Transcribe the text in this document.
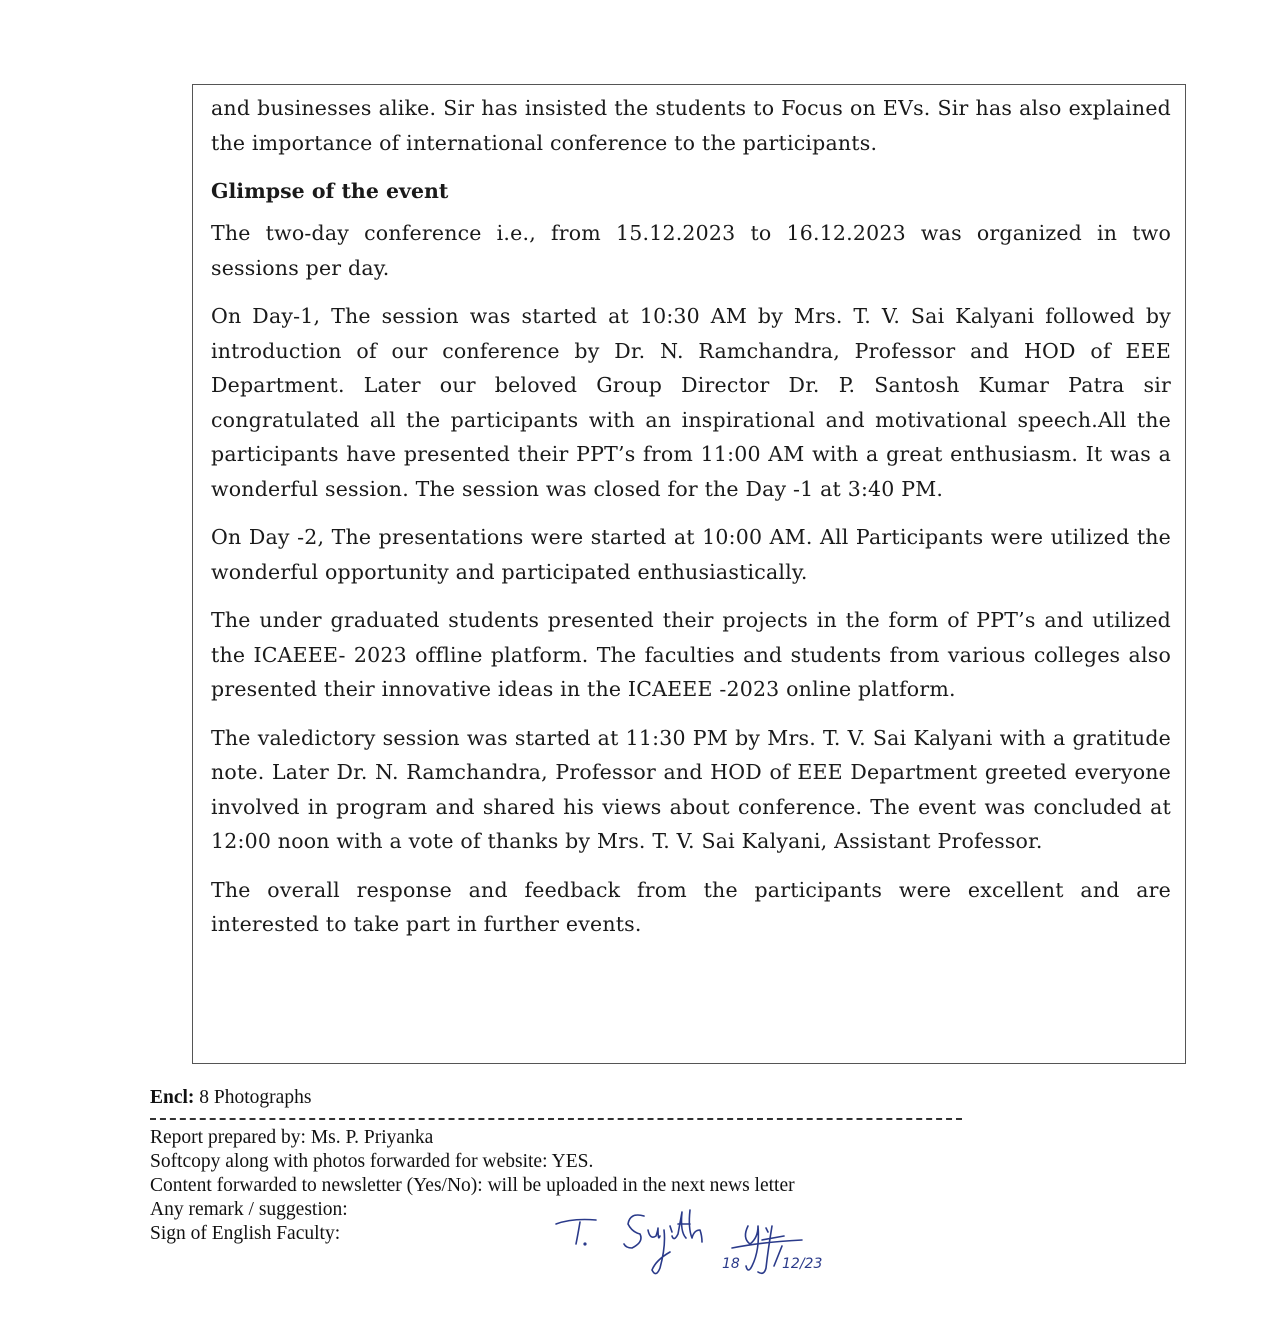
and businesses alike. Sir has insisted the students to Focus on EVs. Sir has also explained the importance of international conference to the participants.

Glimpse of the event

The two-day conference i.e., from 15.12.2023 to 16.12.2023 was organized in two sessions per day.

On Day-1, The session was started at 10:30 AM by Mrs. T. V. Sai Kalyani followed by introduction of our conference by Dr. N. Ramchandra, Professor and HOD of EEE Department. Later our beloved Group Director Dr. P. Santosh Kumar Patra sir congratulated all the participants with an inspirational and motivational speech.All the participants have presented their PPT’s from 11:00 AM with a great enthusiasm. It was a wonderful session. The session was closed for the Day -1 at 3:40 PM.

On Day -2, The presentations were started at 10:00 AM. All Participants were utilized the wonderful opportunity and participated enthusiastically.

The under graduated students presented their projects in the form of PPT’s and utilized the ICAEEE- 2023 offline platform. The faculties and students from various colleges also presented their innovative ideas in the ICAEEE -2023 online platform.

The valedictory session was started at 11:30 PM by Mrs. T. V. Sai Kalyani with a gratitude note. Later Dr. N. Ramchandra, Professor and HOD of EEE Department greeted everyone involved in program and shared his views about conference. The event was concluded at 12:00 noon with a vote of thanks by Mrs. T. V. Sai Kalyani, Assistant Professor.

The overall response and feedback from the participants were excellent and are interested to take part in further events.

Encl: 8 Photographs
Report prepared by: Ms. P. Priyanka
Softcopy along with photos forwarded for website: YES.
Content forwarded to newsletter (Yes/No): will be uploaded in the next news letter
Any remark / suggestion:
Sign of English Faculty:
18	12/23
